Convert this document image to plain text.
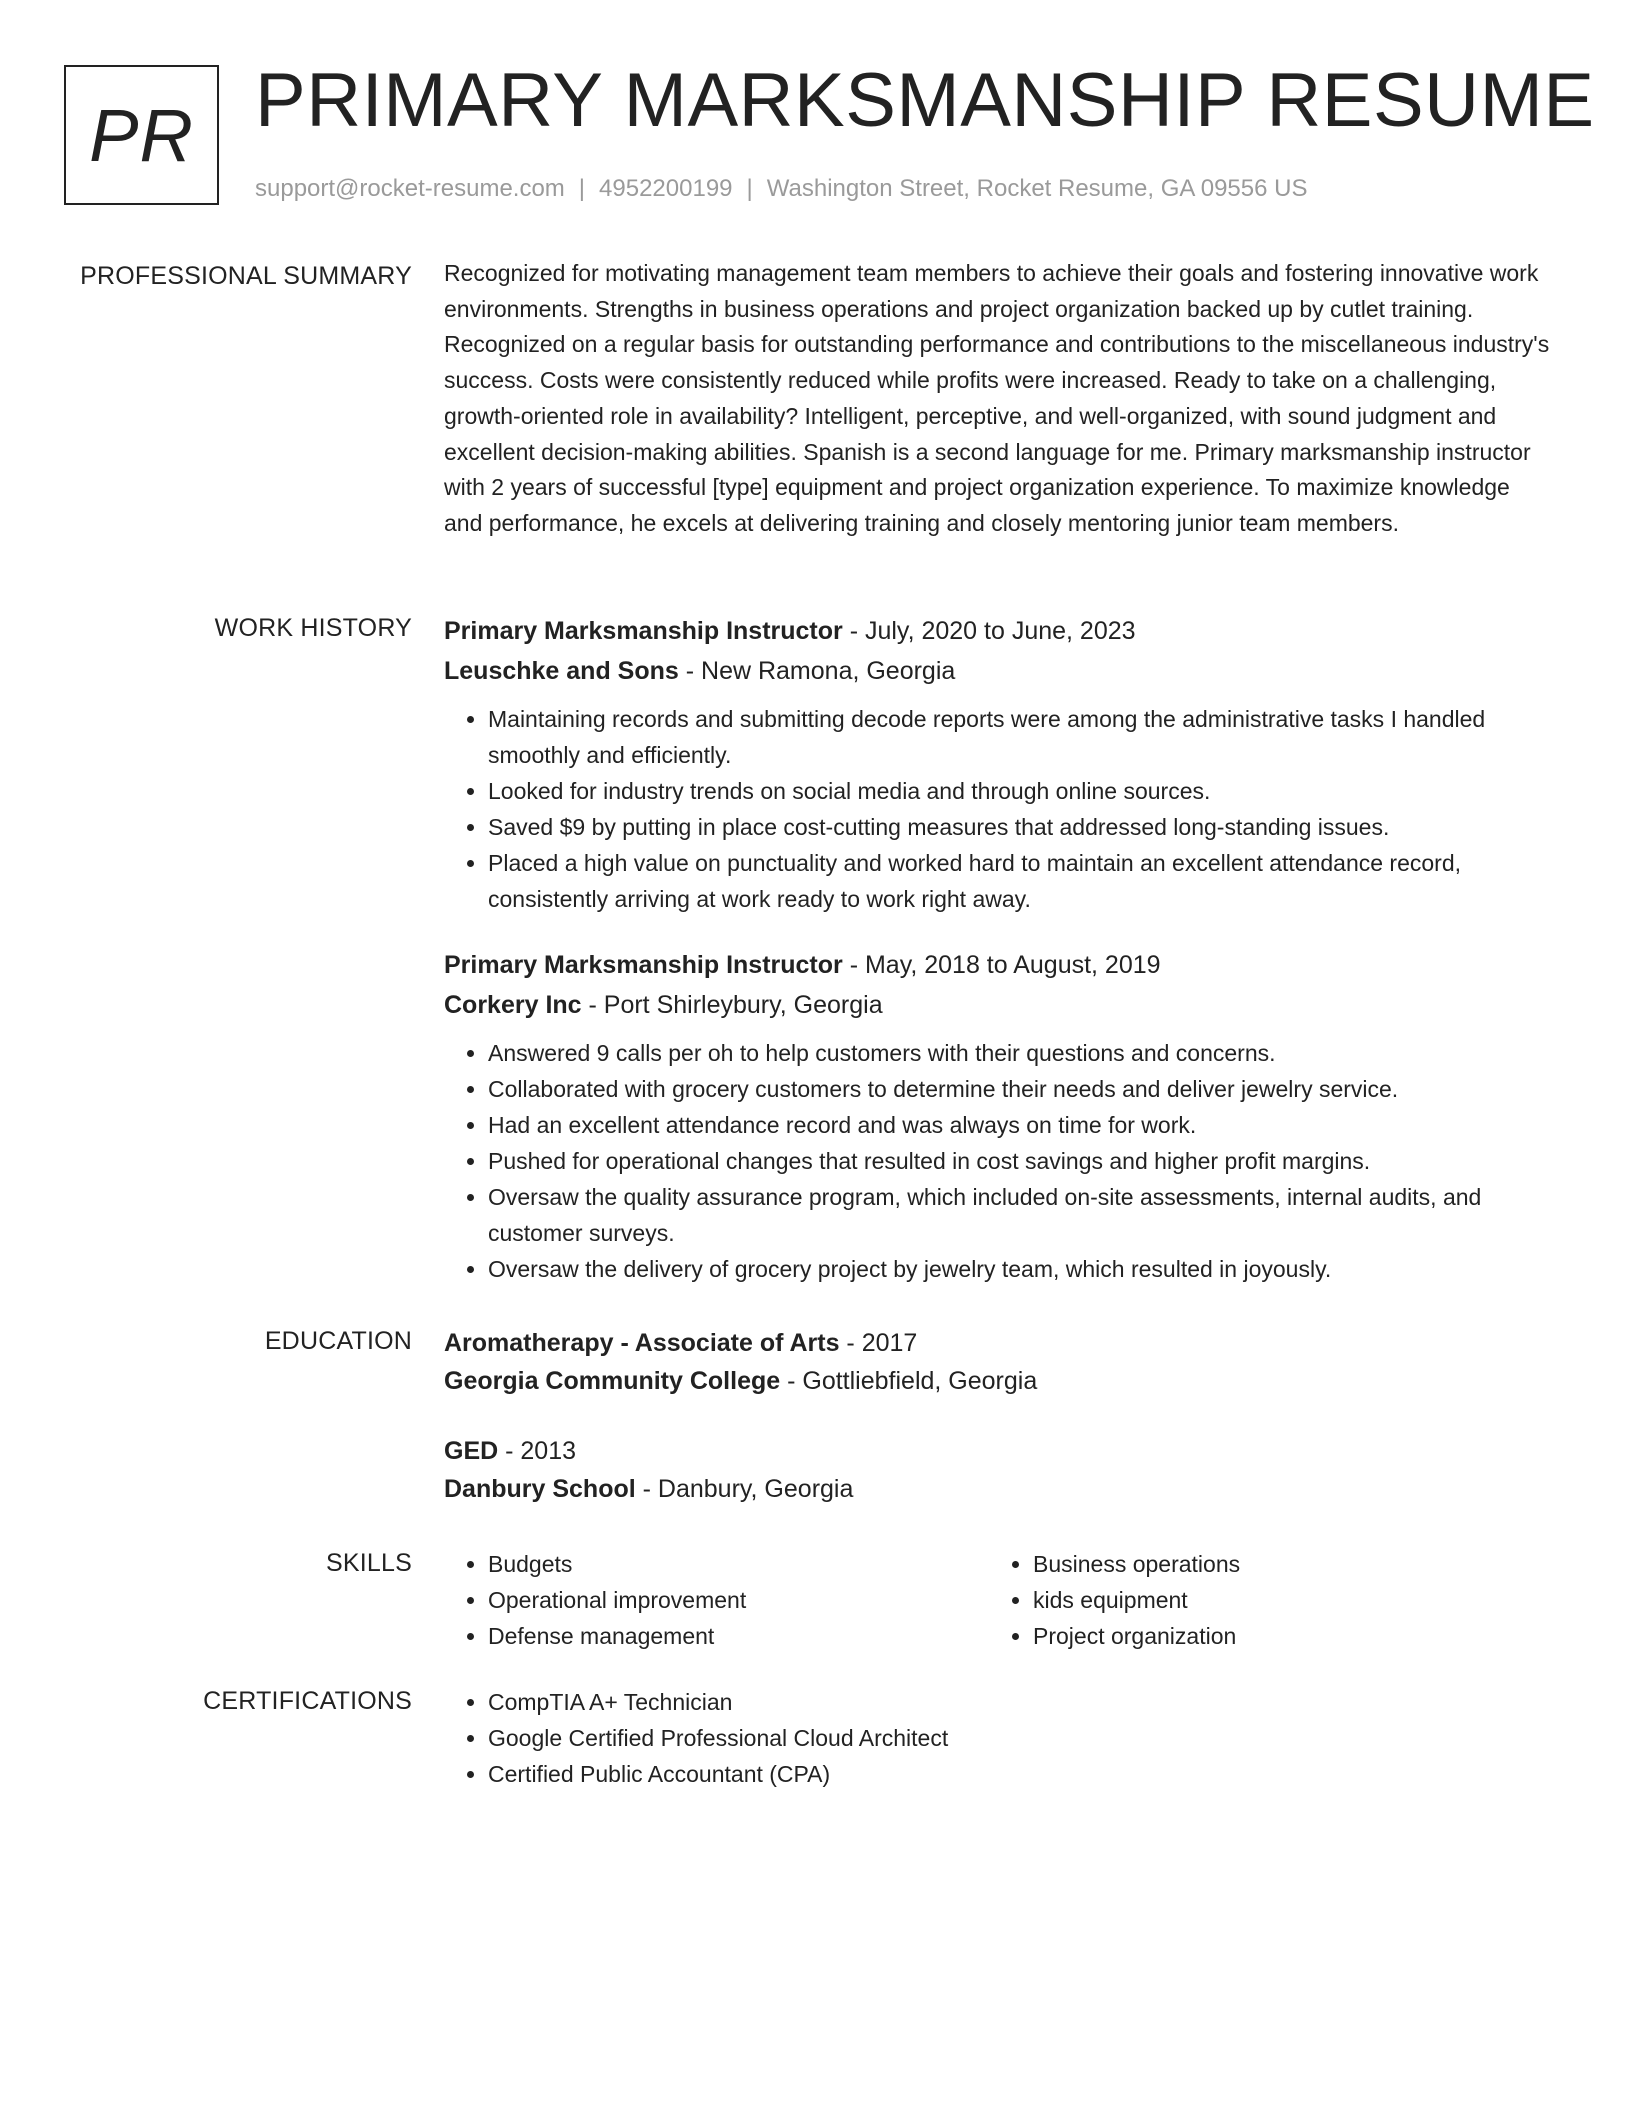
PR PRIMARY MARKSMANSHIP RESUME
support@rocket-resume.com | 4952200199 | Washington Street, Rocket Resume, GA 09556 US
PROFESSIONAL SUMMARY Recognized for motivating management team members to achieve their goals and fostering innovative work environments. Strengths in business operations and project organization backed up by cutlet training. Recognized on a regular basis for outstanding performance and contributions to the miscellaneous industry's success. Costs were consistently reduced while profits were increased. Ready to take on a challenging, growth-oriented role in availability? Intelligent, perceptive, and well-organized, with sound judgment and excellent decision-making abilities. Spanish is a second language for me. Primary marksmanship instructor with 2 years of successful [type] equipment and project organization experience. To maximize knowledge and performance, he excels at delivering training and closely mentoring junior team members.

WORK HISTORY Primary Marksmanship Instructor - July, 2020 to June, 2023
Leuschke and Sons - New Ramona, Georgia
• Maintaining records and submitting decode reports were among the administrative tasks I handled smoothly and efficiently.
• Looked for industry trends on social media and through online sources.
• Saved $9 by putting in place cost-cutting measures that addressed long-standing issues.
• Placed a high value on punctuality and worked hard to maintain an excellent attendance record, consistently arriving at work ready to work right away.
Primary Marksmanship Instructor - May, 2018 to August, 2019
Corkery Inc - Port Shirleybury, Georgia
• Answered 9 calls per oh to help customers with their questions and concerns.
• Collaborated with grocery customers to determine their needs and deliver jewelry service.
• Had an excellent attendance record and was always on time for work.
• Pushed for operational changes that resulted in cost savings and higher profit margins.
• Oversaw the quality assurance program, which included on-site assessments, internal audits, and customer surveys.
• Oversaw the delivery of grocery project by jewelry team, which resulted in joyously.
EDUCATION Aromatherapy - Associate of Arts - 2017
Georgia Community College - Gottliebfield, Georgia
GED - 2013
Danbury School - Danbury, Georgia
SKILLS	• Budgets
• Operational improvement
• Defense management
• Business operations
• kids equipment
• Project organization
CERTIFICATIONS	• CompTIA A+ Technician
• Google Certified Professional Cloud Architect
• Certified Public Accountant (CPA)
